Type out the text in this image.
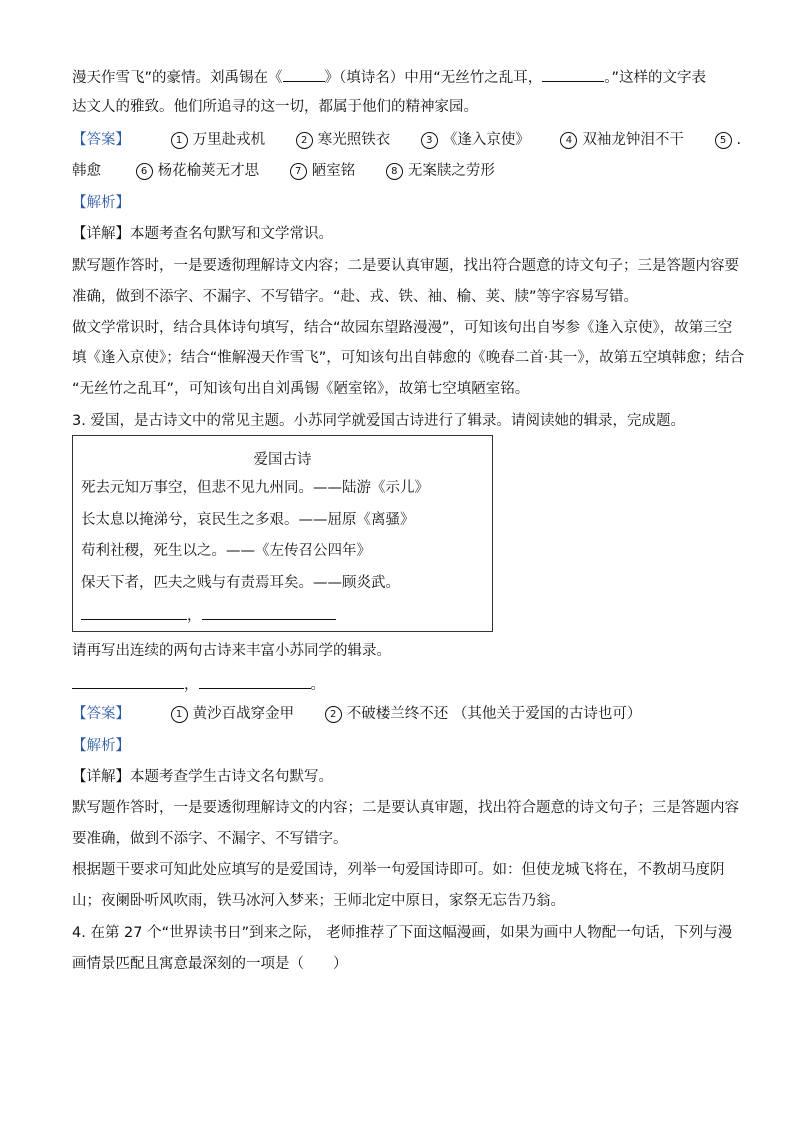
漫天作雪飞”的豪情。刘禹锡在《	》（填诗名）中用“无丝竹之乱耳，	。”这样的文字表
达文人的雅致。他们所追寻的这一切，都属于他们的精神家园。
【答案】	1 万里赴戎机	2 寒光照铁衣	3 《逢入京使》	4 双袖龙钟泪不干	5 .
韩愈	6 杨花榆荚无才思	7 陋室铭	8 无案牍之劳形
【解析】
【详解】本题考查名句默写和文学常识。
默写题作答时，一是要透彻理解诗文内容；二是要认真审题，找出符合题意的诗文句子；三是答题内容要
准确，做到不添字、不漏字、不写错字。“赴、戎、铁、袖、榆、荚、牍”等字容易写错。
做文学常识时，结合具体诗句填写，结合“故园东望路漫漫”，可知该句出自岑参《逢入京使》，故第三空
填《逢入京使》；结合“惟解漫天作雪飞”，可知该句出自韩愈的《晚春二首·其一》，故第五空填韩愈；结合
“无丝竹之乱耳”，可知该句出自刘禹锡《陋室铭》，故第七空填陋室铭。
3. 爱国，是古诗文中的常见主题。小苏同学就爱国古诗进行了辑录。请阅读她的辑录，完成题。
爱国古诗
死去元知万事空，但悲不见九州同。——陆游《示儿》
长太息以掩涕兮，哀民生之多艰。——屈原《离骚》
苟利社稷，死生以之。——《左传召公四年》
保天下者，匹夫之贱与有责焉耳矣。——顾炎武。
，
请再写出连续的两句古诗来丰富小苏同学的辑录。
，	。
【答案】	1 黄沙百战穿金甲	2 不破楼兰终不还 （其他关于爱国的古诗也可）
【解析】
【详解】本题考查学生古诗文名句默写。
默写题作答时，一是要透彻理解诗文的内容；二是要认真审题，找出符合题意的诗文句子；三是答题内容
要准确，做到不添字、不漏字、不写错字。
根据题干要求可知此处应填写的是爱国诗，列举一句爱国诗即可。如：但使龙城飞将在，不教胡马度阴
山；夜阑卧听风吹雨，铁马冰河入梦来；王师北定中原日，家祭无忘告乃翁。
4. 在第 27 个“世界读书日”到来之际， 老师推荐了下面这幅漫画，如果为画中人物配一句话，下列与漫
画情景匹配且寓意最深刻的一项是（　　）
